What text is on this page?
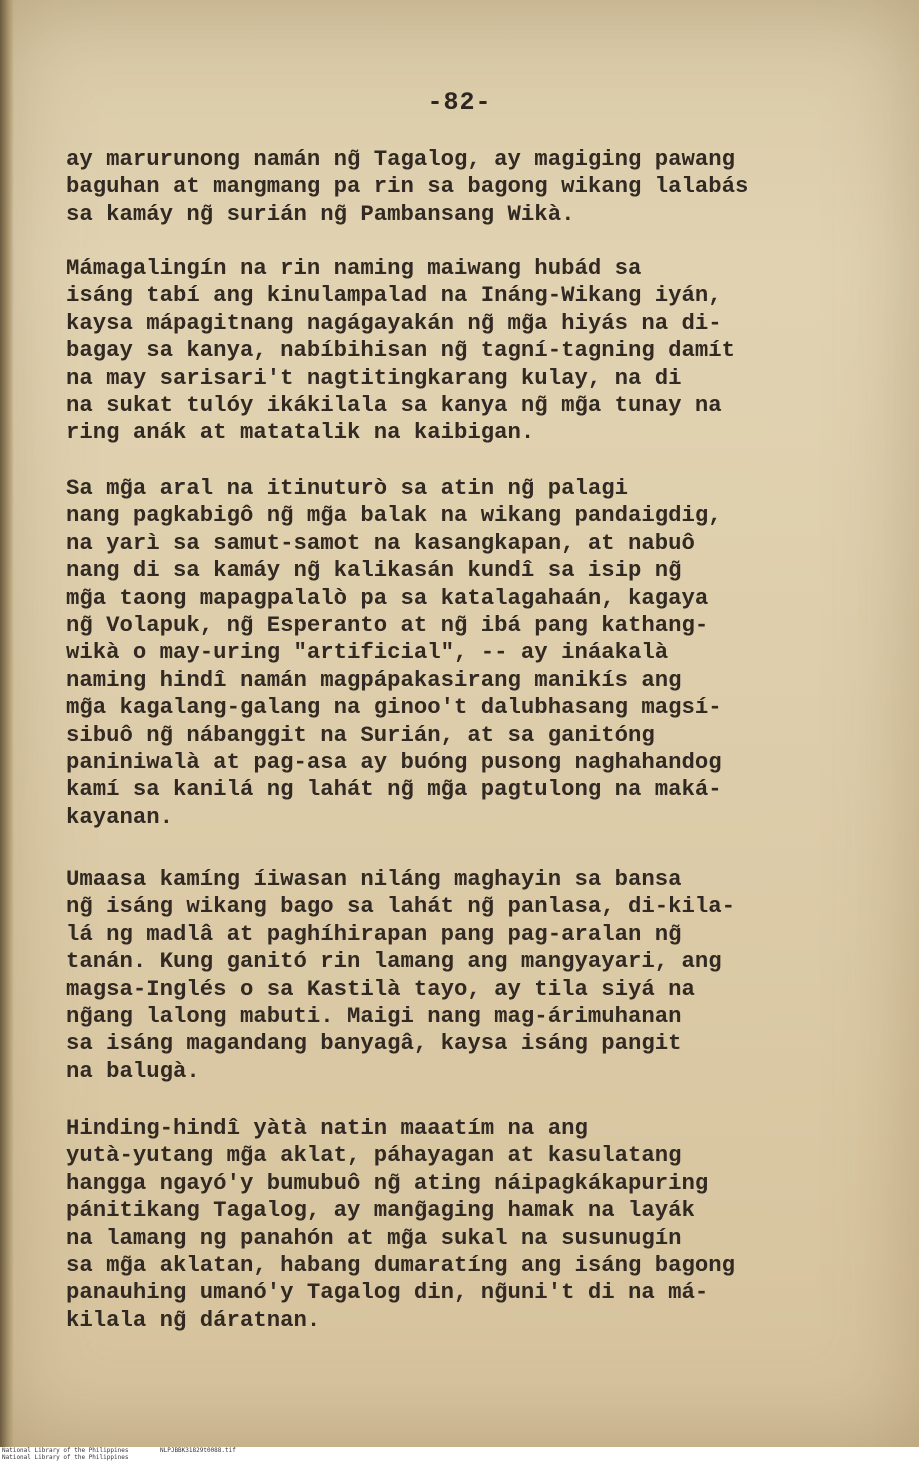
-82-

ay marurunong namán ng̃ Tagalog, ay magiging pawang
baguhan at mangmang pa rin sa bagong wikang lalabás
sa kamáy ng̃ surián ng̃ Pambansang Wikà.

Mámagalingín na rin naming maiwang hubád sa
isáng tabí ang kinulampalad na Ináng-Wikang iyán,
kaysa mápagitnang nagágayakán ng̃ mg̃a hiyás na di-
bagay sa kanya, nabíbihisan ng̃ tagní-tagning damít
na may sarisari't nagtitingkarang kulay, na di
na sukat tulóy ikákilala sa kanya ng̃ mg̃a tunay na
ring anák at matatalik na kaibigan.

Sa mg̃a aral na itinuturò sa atin ng̃ palagi
nang pagkabigô ng̃ mg̃a balak na wikang pandaigdig,
na yarì sa samut-samot na kasangkapan, at nabuô
nang di sa kamáy ng̃ kalikasán kundî sa isip ng̃
mg̃a taong mapagpalalò pa sa katalagahaán, kagaya
ng̃ Volapuk, ng̃ Esperanto at ng̃ ibá pang kathang-
wikà o may-uring "artificial", -- ay ináakalà
naming hindî namán magpápakasirang manikís ang
mg̃a kagalang-galang na ginoo't dalubhasang magsí-
sibuô ng̃ nábanggit na Surián, at sa ganitóng
paniniwalà at pag-asa ay buóng pusong naghahandog
kamí sa kanilá ng lahát ng̃ mg̃a pagtulong na maká-
kayanan.

Umaasa kamíng íiwasan niláng maghayin sa bansa
ng̃ isáng wikang bago sa lahát ng̃ panlasa, di-kila-
lá ng madlâ at paghíhirapan pang pag-aralan ng̃
tanán. Kung ganitó rin lamang ang mangyayari, ang
magsa-Inglés o sa Kastilà tayo, ay tila siyá na
ng̃ang lalong mabuti. Maigi nang mag-árimuhanan
sa isáng magandang banyagâ, kaysa isáng pangit
na balugà.

Hinding-hindî yàtà natin maaatím na ang
yutà-yutang mg̃a aklat, páhayagan at kasulatang
hangga ngayó'y bumubuô ng̃ ating náipagkákapuring
pánitikang Tagalog, ay mang̃aging hamak na layák
na lamang ng panahón at mg̃a sukal na susunugín
sa mg̃a aklatan, habang dumaratíng ang isáng bagong
panauhing umanó'y Tagalog din, ng̃uni't di na má-
kilala ng̃ dáratnan.

National Library of the Philippines
National Library of the Philippines
NLPJBBK31829t0088.tif
